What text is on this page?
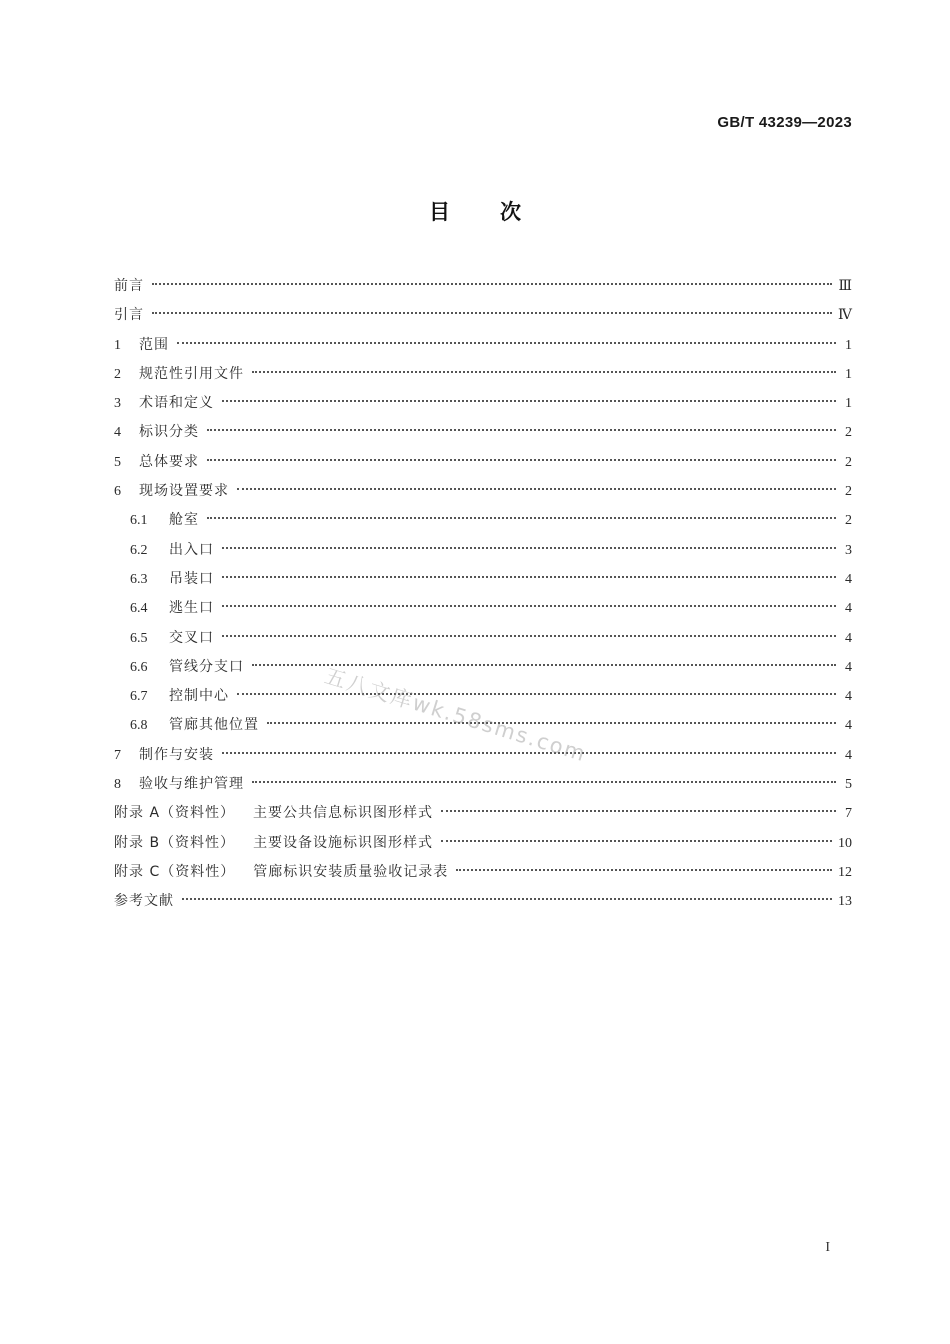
GB/T 43239—2023
目次
前言	Ⅲ
引言	Ⅳ
1	范围	1
2	规范性引用文件	1
3	术语和定义	1
4	标识分类	2
5	总体要求	2
6	现场设置要求	2
6.1	舱室	2
6.2	出入口	3
6.3	吊装口	4
6.4	逃生口	4
6.5	交叉口	4
6.6	管线分支口	4
6.7	控制中心	4
6.8	管廊其他位置	4
7	制作与安装	4
8	验收与维护管理	5
附录 A（资料性） 主要公共信息标识图形样式	7
附录 B（资料性） 主要设备设施标识图形样式	10
附录 C（资料性） 管廊标识安装质量验收记录表	12
参考文献	13
五八文库wk.58sms.com
I
